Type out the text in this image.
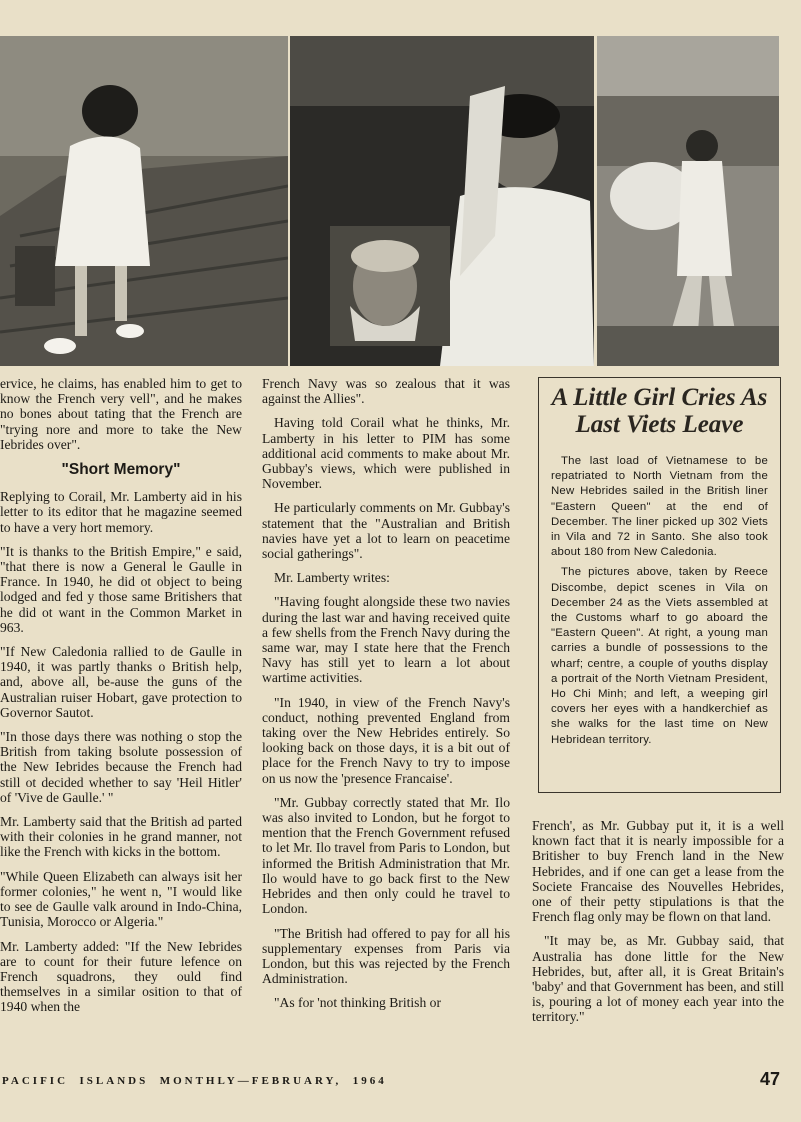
ervice, he claims, has enabled him to get to know the French very vell", and he makes no bones about tating that the French are "trying nore and more to take the New Iebrides over".

"Short Memory"

Replying to Corail, Mr. Lamberty aid in his letter to its editor that he magazine seemed to have a very hort memory.

"It is thanks to the British Empire," e said, "that there is now a General le Gaulle in France. In 1940, he did ot object to being lodged and fed y those same Britishers that he did ot want in the Common Market in 963.

"If New Caledonia rallied to de Gaulle in 1940, it was partly thanks o British help, and, above all, be-ause the guns of the Australian ruiser Hobart, gave protection to Governor Sautot.

"In those days there was nothing o stop the British from taking bsolute possession of the New Iebrides because the French had still ot decided whether to say 'Heil Hitler' of 'Vive de Gaulle.' "

Mr. Lamberty said that the British ad parted with their colonies in he grand manner, not like the French with kicks in the bottom.

"While Queen Elizabeth can always isit her former colonies," he went n, "I would like to see de Gaulle valk around in Indo-China, Tunisia, Morocco or Algeria."

Mr. Lamberty added: "If the New Iebrides are to count for their future lefence on French squadrons, they ould find themselves in a similar osition to that of 1940 when the

French Navy was so zealous that it was against the Allies".

Having told Corail what he thinks, Mr. Lamberty in his letter to PIM has some additional acid comments to make about Mr. Gubbay's views, which were published in November.

He particularly comments on Mr. Gubbay's statement that the "Australian and British navies have yet a lot to learn on peacetime social gatherings".

Mr. Lamberty writes:

"Having fought alongside these two navies during the last war and having received quite a few shells from the French Navy during the same war, may I state here that the French Navy has still yet to learn a lot about wartime activities.

"In 1940, in view of the French Navy's conduct, nothing prevented England from taking over the New Hebrides entirely. So looking back on those days, it is a bit out of place for the French Navy to try to impose on us now the 'presence Francaise'.

"Mr. Gubbay correctly stated that Mr. Ilo was also invited to London, but he forgot to mention that the French Government refused to let Mr. Ilo travel from Paris to London, but informed the British Administration that Mr. Ilo would have to go back first to the New Hebrides and then only could he travel to London.

"The British had offered to pay for all his supplementary expenses from Paris via London, but this was rejected by the French Administration.

"As for 'not thinking British or

A Little Girl Cries As Last Viets Leave

The last load of Vietnamese to be repatriated to North Vietnam from the New Hebrides sailed in the British liner "Eastern Queen" at the end of December. The liner picked up 302 Viets in Vila and 72 in Santo. She also took about 180 from New Caledonia.

The pictures above, taken by Reece Discombe, depict scenes in Vila on December 24 as the Viets assembled at the Customs wharf to go aboard the "Eastern Queen". At right, a young man carries a bundle of possessions to the wharf; centre, a couple of youths display a portrait of the North Vietnam President, Ho Chi Minh; and left, a weeping girl covers her eyes with a handkerchief as she walks for the last time on New Hebridean territory.

French', as Mr. Gubbay put it, it is a well known fact that it is nearly impossible for a Britisher to buy French land in the New Hebrides, and if one can get a lease from the Societe Francaise des Nouvelles Hebrides, one of their petty stipulations is that the French flag only may be flown on that land.

"It may be, as Mr. Gubbay said, that Australia has done little for the New Hebrides, but, after all, it is Great Britain's 'baby' and that Government has been, and still is, pouring a lot of money each year into the territory."

PACIFIC  ISLANDS  MONTHLY—FEBRUARY,  1964	47
